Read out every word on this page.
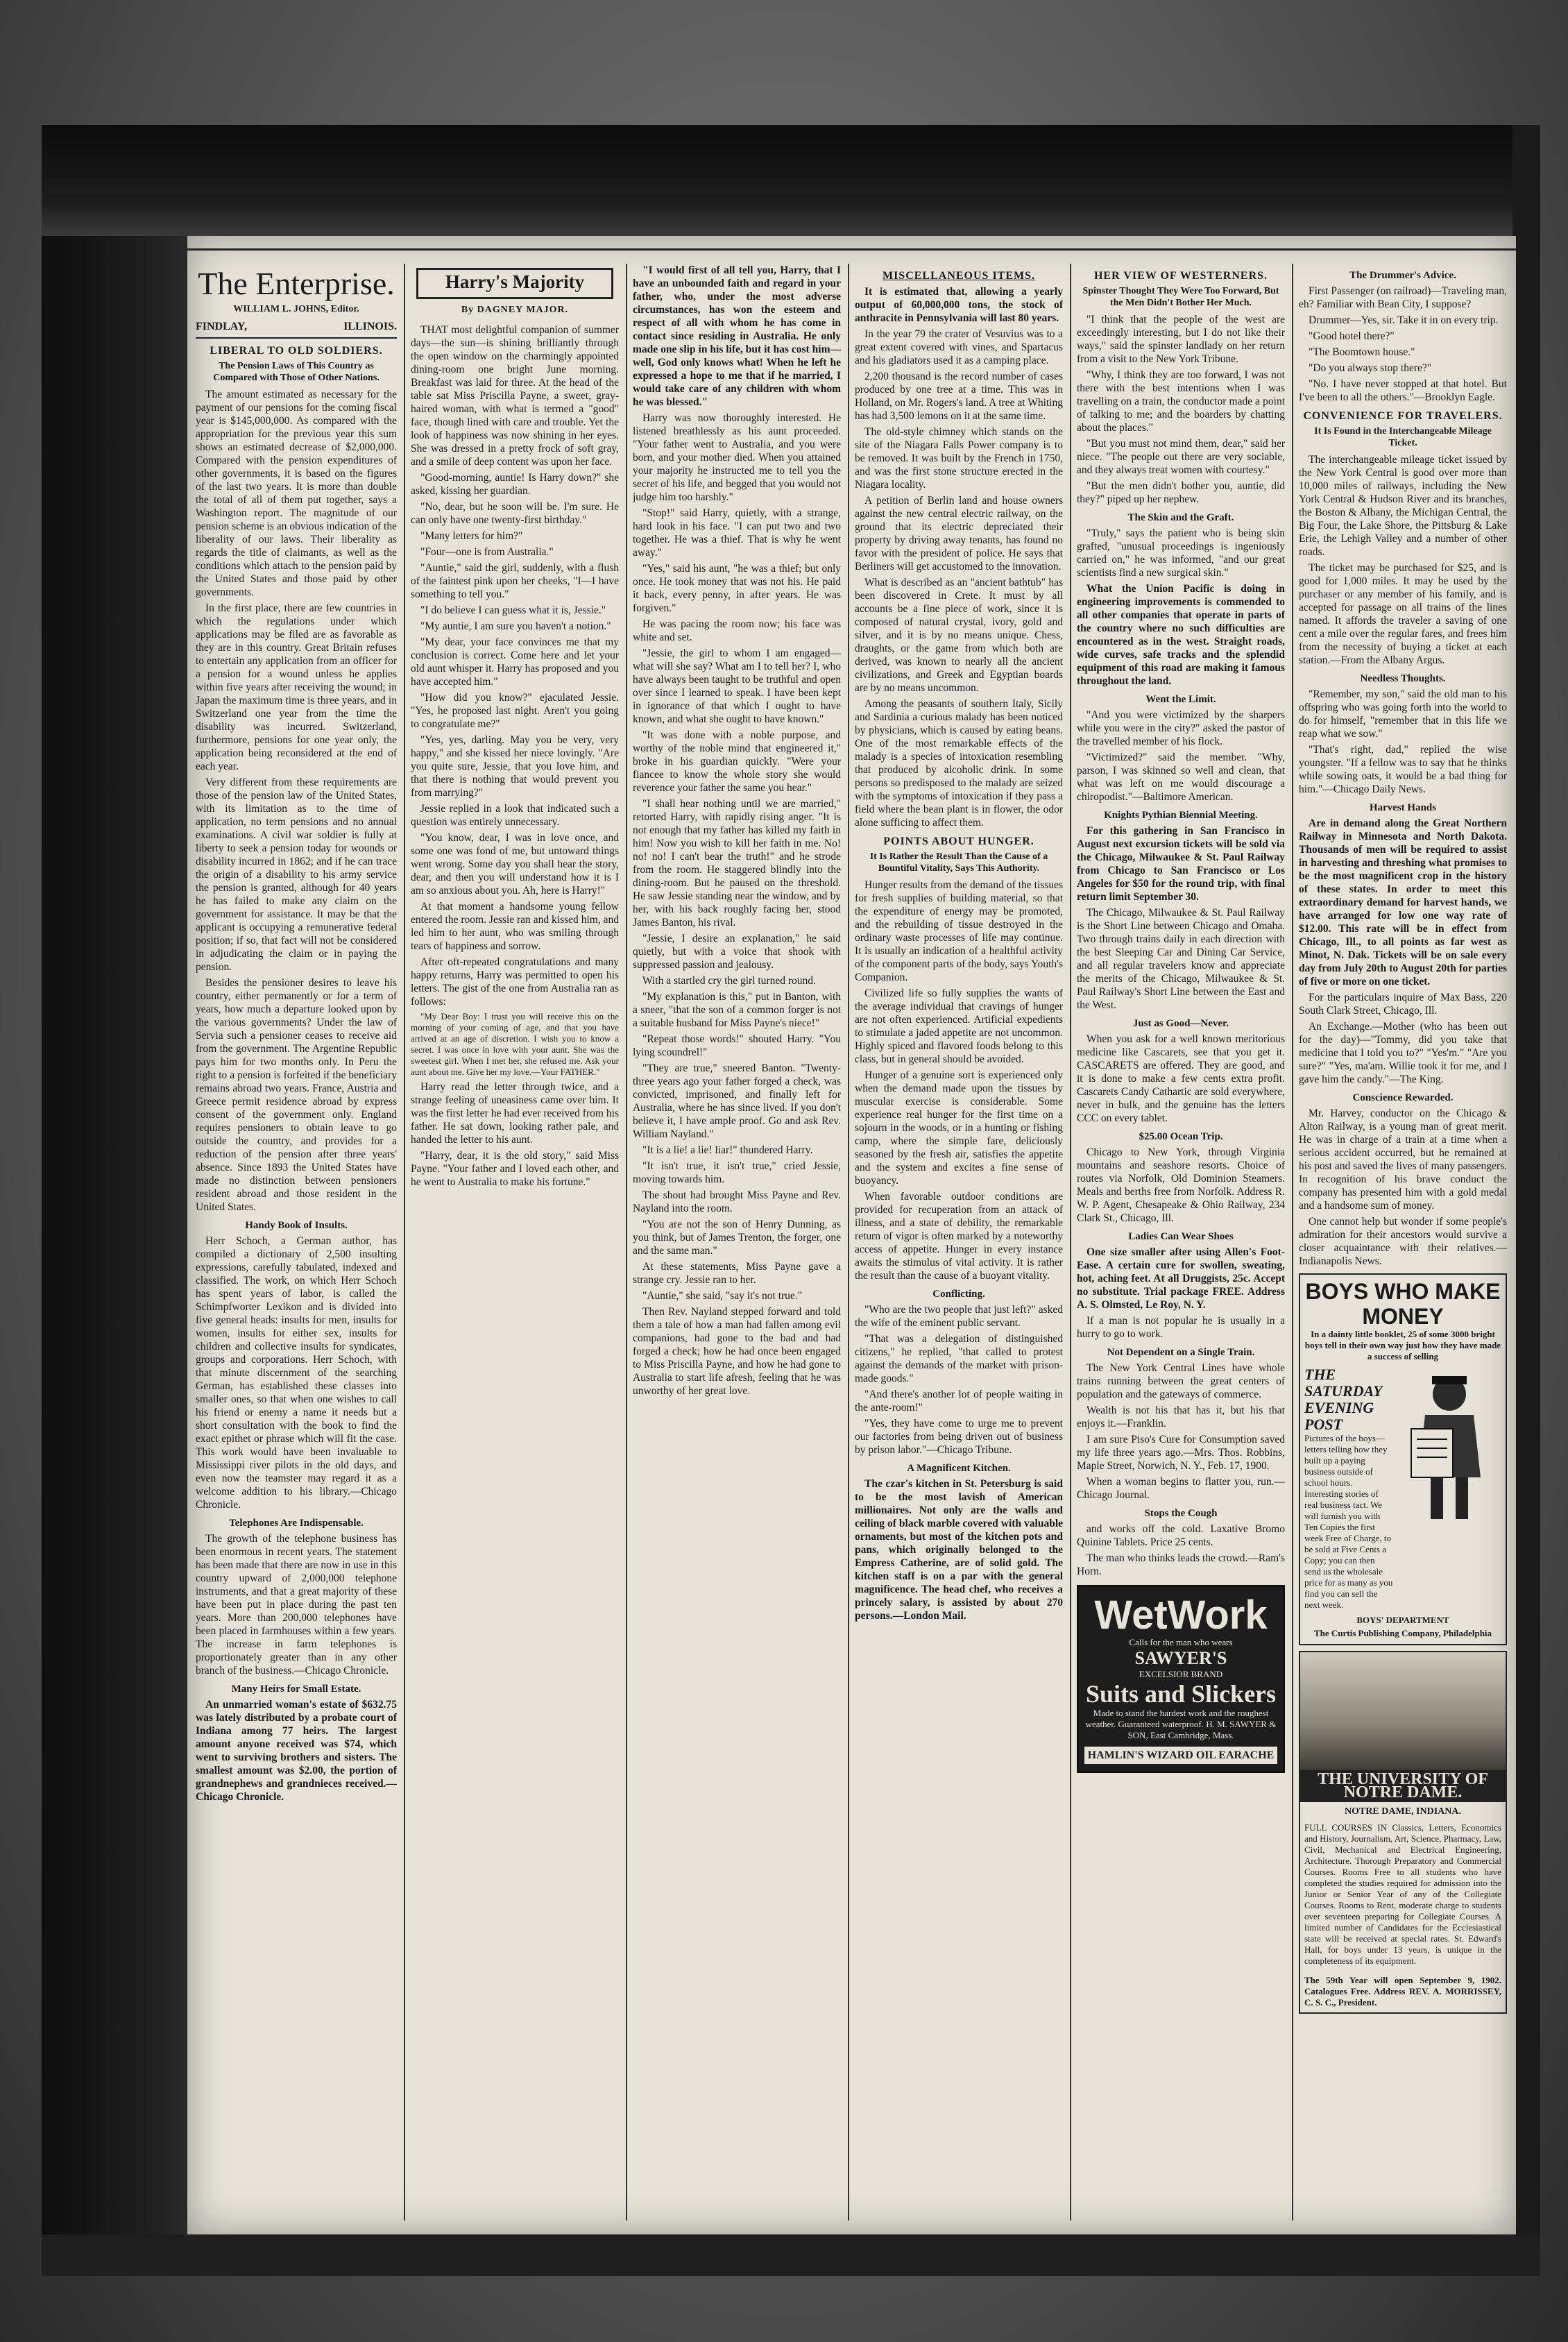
The Enterprise.
WILLIAM L. JOHNS, Editor.
FINDLAY,	ILLINOIS.
LIBERAL TO OLD SOLDIERS.
The Pension Laws of This Country as Compared with Those of Other Nations.

The amount estimated as necessary for the payment of our pensions for the coming fiscal year is $145,000,000. As compared with the appropriation for the previous year this sum shows an estimated decrease of $2,000,000. Compared with the pension expenditures of other governments, it is based on the figures of the last two years. It is more than double the total of all of them put together, says a Washington report. The magnitude of our pension scheme is an obvious indication of the liberality of our laws. Their liberality as regards the title of claimants, as well as the conditions which attach to the pension paid by the United States and those paid by other governments.

In the first place, there are few countries in which the regulations under which applications may be filed are as favorable as they are in this country. Great Britain refuses to entertain any application from an officer for a pension for a wound unless he applies within five years after receiving the wound; in Japan the maximum time is three years, and in Switzerland one year from the time the disability was incurred. Switzerland, furthermore, pensions for one year only, the application being reconsidered at the end of each year.

Very different from these requirements are those of the pension law of the United States, with its limitation as to the time of application, no term pensions and no annual examinations. A civil war soldier is fully at liberty to seek a pension today for wounds or disability incurred in 1862; and if he can trace the origin of a disability to his army service the pension is granted, although for 40 years he has failed to make any claim on the government for assistance. It may be that the applicant is occupying a remunerative federal position; if so, that fact will not be considered in adjudicating the claim or in paying the pension.

Besides the pensioner desires to leave his country, either permanently or for a term of years, how much a departure looked upon by the various governments? Under the law of Servia such a pensioner ceases to receive aid from the government. The Argentine Republic pays him for two months only. In Peru the right to a pension is forfeited if the beneficiary remains abroad two years. France, Austria and Greece permit residence abroad by express consent of the government only. England requires pensioners to obtain leave to go outside the country, and provides for a reduction of the pension after three years' absence. Since 1893 the United States have made no distinction between pensioners resident abroad and those resident in the United States.

Handy Book of Insults.

Herr Schoch, a German author, has compiled a dictionary of 2,500 insulting expressions, carefully tabulated, indexed and classified. The work, on which Herr Schoch has spent years of labor, is called the Schimpfworter Lexikon and is divided into five general heads: insults for men, insults for women, insults for either sex, insults for children and collective insults for syndicates, groups and corporations. Herr Schoch, with that minute discernment of the searching German, has established these classes into smaller ones, so that when one wishes to call his friend or enemy a name it needs but a short consultation with the book to find the exact epithet or phrase which will fit the case. This work would have been invaluable to Mississippi river pilots in the old days, and even now the teamster may regard it as a welcome addition to his library.—Chicago Chronicle.

Telephones Are Indispensable.

The growth of the telephone business has been enormous in recent years. The statement has been made that there are now in use in this country upward of 2,000,000 telephone instruments, and that a great majority of these have been put in place during the past ten years. More than 200,000 telephones have been placed in farmhouses within a few years. The increase in farm telephones is proportionately greater than in any other branch of the business.—Chicago Chronicle.

Many Heirs for Small Estate.

An unmarried woman's estate of $632.75 was lately distributed by a probate court of Indiana among 77 heirs. The largest amount anyone received was $74, which went to surviving brothers and sisters. The smallest amount was $2.00, the portion of grandnephews and grandnieces received.—Chicago Chronicle.

Harry's Majority
By DAGNEY MAJOR.

THAT most delightful companion of summer days—the sun—is shining brilliantly through the open window on the charmingly appointed dining-room one bright June morning. Breakfast was laid for three. At the head of the table sat Miss Priscilla Payne, a sweet, gray-haired woman, with what is termed a "good" face, though lined with care and trouble. Yet the look of happiness was now shining in her eyes. She was dressed in a pretty frock of soft gray, and a smile of deep content was upon her face.

"Good-morning, auntie! Is Harry down?" she asked, kissing her guardian.

"No, dear, but he soon will be. I'm sure. He can only have one twenty-first birthday."

"Many letters for him?"

"Four—one is from Australia."

"Auntie," said the girl, suddenly, with a flush of the faintest pink upon her cheeks, "I—I have something to tell you."

"I do believe I can guess what it is, Jessie."

"My auntie, I am sure you haven't a notion."

"My dear, your face convinces me that my conclusion is correct. Come here and let your old aunt whisper it. Harry has proposed and you have accepted him."

"How did you know?" ejaculated Jessie. "Yes, he proposed last night. Aren't you going to congratulate me?"

"Yes, yes, darling. May you be very, very happy," and she kissed her niece lovingly. "Are you quite sure, Jessie, that you love him, and that there is nothing that would prevent you from marrying?"

Jessie replied in a look that indicated such a question was entirely unnecessary.

"You know, dear, I was in love once, and some one was fond of me, but untoward things went wrong. Some day you shall hear the story, dear, and then you will understand how it is I am so anxious about you. Ah, here is Harry!"

At that moment a handsome young fellow entered the room. Jessie ran and kissed him, and led him to her aunt, who was smiling through tears of happiness and sorrow.

After oft-repeated congratulations and many happy returns, Harry was permitted to open his letters. The gist of the one from Australia ran as follows:

"My Dear Boy: I trust you will receive this on the morning of your coming of age, and that you have arrived at an age of discretion. I wish you to know a secret. I was once in love with your aunt. She was the sweetest girl. When I met her, she refused me. Ask your aunt about me. Give her my love.—Your FATHER."

Harry read the letter through twice, and a strange feeling of uneasiness came over him. It was the first letter he had ever received from his father. He sat down, looking rather pale, and handed the letter to his aunt.

"Harry, dear, it is the old story," said Miss Payne. "Your father and I loved each other, and he went to Australia to make his fortune."

"I would first of all tell you, Harry, that I have an unbounded faith and regard in your father, who, under the most adverse circumstances, has won the esteem and respect of all with whom he has come in contact since residing in Australia. He only made one slip in his life, but it has cost him—well, God only knows what! When he left he expressed a hope to me that if he married, I would take care of any children with whom he was blessed."

Harry was now thoroughly interested. He listened breathlessly as his aunt proceeded. "Your father went to Australia, and you were born, and your mother died. When you attained your majority he instructed me to tell you the secret of his life, and begged that you would not judge him too harshly."

"Stop!" said Harry, quietly, with a strange, hard look in his face. "I can put two and two together. He was a thief. That is why he went away."

"Yes," said his aunt, "he was a thief; but only once. He took money that was not his. He paid it back, every penny, in after years. He was forgiven."

He was pacing the room now; his face was white and set.

"Jessie, the girl to whom I am engaged—what will she say? What am I to tell her? I, who have always been taught to be truthful and open over since I learned to speak. I have been kept in ignorance of that which I ought to have known, and what she ought to have known."

"It was done with a noble purpose, and worthy of the noble mind that engineered it," broke in his guardian quickly. "Were your fiancee to know the whole story she would reverence your father the same you hear."

"I shall hear nothing until we are married," retorted Harry, with rapidly rising anger. "It is not enough that my father has killed my faith in him! Now you wish to kill her faith in me. No! no! no! I can't bear the truth!" and he strode from the room. He staggered blindly into the dining-room. But he paused on the threshold. He saw Jessie standing near the window, and by her, with his back roughly facing her, stood James Banton, his rival.

"Jessie, I desire an explanation," he said quietly, but with a voice that shook with suppressed passion and jealousy.

With a startled cry the girl turned round.

"My explanation is this," put in Banton, with a sneer, "that the son of a common forger is not a suitable husband for Miss Payne's niece!"

"Repeat those words!" shouted Harry. "You lying scoundrel!"

"They are true," sneered Banton. "Twenty-three years ago your father forged a check, was convicted, imprisoned, and finally left for Australia, where he has since lived. If you don't believe it, I have ample proof. Go and ask Rev. William Nayland."

"It is a lie! a lie! liar!" thundered Harry.

"It isn't true, it isn't true," cried Jessie, moving towards him.

The shout had brought Miss Payne and Rev. Nayland into the room.

"You are not the son of Henry Dunning, as you think, but of James Trenton, the forger, one and the same man."

At these statements, Miss Payne gave a strange cry. Jessie ran to her.

"Auntie," she said, "say it's not true."

Then Rev. Nayland stepped forward and told them a tale of how a man had fallen among evil companions, had gone to the bad and had forged a check; how he had once been engaged to Miss Priscilla Payne, and how he had gone to Australia to start life afresh, feeling that he was unworthy of her great love.

MISCELLANEOUS ITEMS.

It is estimated that, allowing a yearly output of 60,000,000 tons, the stock of anthracite in Pennsylvania will last 80 years.

In the year 79 the crater of Vesuvius was to a great extent covered with vines, and Spartacus and his gladiators used it as a camping place.

2,200 thousand is the record number of cases produced by one tree at a time. This was in Holland, on Mr. Rogers's land. A tree at Whiting has had 3,500 lemons on it at the same time.

The old-style chimney which stands on the site of the Niagara Falls Power company is to be removed. It was built by the French in 1750, and was the first stone structure erected in the Niagara locality.

A petition of Berlin land and house owners against the new central electric railway, on the ground that its electric depreciated their property by driving away tenants, has found no favor with the president of police. He says that Berliners will get accustomed to the innovation.

What is described as an "ancient bathtub" has been discovered in Crete. It must by all accounts be a fine piece of work, since it is composed of natural crystal, ivory, gold and silver, and it is by no means unique. Chess, draughts, or the game from which both are derived, was known to nearly all the ancient civilizations, and Greek and Egyptian boards are by no means uncommon.

Among the peasants of southern Italy, Sicily and Sardinia a curious malady has been noticed by physicians, which is caused by eating beans. One of the most remarkable effects of the malady is a species of intoxication resembling that produced by alcoholic drink. In some persons so predisposed to the malady are seized with the symptoms of intoxication if they pass a field where the bean plant is in flower, the odor alone sufficing to affect them.

POINTS ABOUT HUNGER.
It Is Rather the Result Than the Cause of a Bountiful Vitality, Says This Authority.

Hunger results from the demand of the tissues for fresh supplies of building material, so that the expenditure of energy may be promoted, and the rebuilding of tissue destroyed in the ordinary waste processes of life may continue. It is usually an indication of a healthful activity of the component parts of the body, says Youth's Companion.

Civilized life so fully supplies the wants of the average individual that cravings of hunger are not often experienced. Artificial expedients to stimulate a jaded appetite are not uncommon. Highly spiced and flavored foods belong to this class, but in general should be avoided.

Hunger of a genuine sort is experienced only when the demand made upon the tissues by muscular exercise is considerable. Some experience real hunger for the first time on a sojourn in the woods, or in a hunting or fishing camp, where the simple fare, deliciously seasoned by the fresh air, satisfies the appetite and the system and excites a fine sense of buoyancy.

When favorable outdoor conditions are provided for recuperation from an attack of illness, and a state of debility, the remarkable return of vigor is often marked by a noteworthy access of appetite. Hunger in every instance awaits the stimulus of vital activity. It is rather the result than the cause of a buoyant vitality.

Conflicting.

"Who are the two people that just left?" asked the wife of the eminent public servant.

"That was a delegation of distinguished citizens," he replied, "that called to protest against the demands of the market with prison-made goods."

"And there's another lot of people waiting in the ante-room!"

"Yes, they have come to urge me to prevent our factories from being driven out of business by prison labor."—Chicago Tribune.

A Magnificent Kitchen.

The czar's kitchen in St. Petersburg is said to be the most lavish of American millionaires. Not only are the walls and ceiling of black marble covered with valuable ornaments, but most of the kitchen pots and pans, which originally belonged to the Empress Catherine, are of solid gold. The kitchen staff is on a par with the general magnificence. The head chef, who receives a princely salary, is assisted by about 270 persons.—London Mail.

HER VIEW OF WESTERNERS.
Spinster Thought They Were Too Forward, But the Men Didn't Bother Her Much.

"I think that the people of the west are exceedingly interesting, but I do not like their ways," said the spinster landlady on her return from a visit to the New York Tribune.

"Why, I think they are too forward, I was not there with the best intentions when I was travelling on a train, the conductor made a point of talking to me; and the boarders by chatting about the places."

"But you must not mind them, dear," said her niece. "The people out there are very sociable, and they always treat women with courtesy."

"But the men didn't bother you, auntie, did they?" piped up her nephew.

The Skin and the Graft.

"Truly," says the patient who is being skin grafted, "unusual proceedings is ingeniously carried on," he was informed, "and our great scientists find a new surgical skin."

What the Union Pacific is doing in engineering improvements is commended to all other companies that operate in parts of the country where no such difficulties are encountered as in the west. Straight roads, wide curves, safe tracks and the splendid equipment of this road are making it famous throughout the land.

Went the Limit.

"And you were victimized by the sharpers while you were in the city?" asked the pastor of the travelled member of his flock.

"Victimized?" said the member. "Why, parson, I was skinned so well and clean, that what was left on me would discourage a chiropodist."—Baltimore American.

Knights Pythian Biennial Meeting.

For this gathering in San Francisco in August next excursion tickets will be sold via the Chicago, Milwaukee & St. Paul Railway from Chicago to San Francisco or Los Angeles for $50 for the round trip, with final return limit September 30.

The Chicago, Milwaukee & St. Paul Railway is the Short Line between Chicago and Omaha. Two through trains daily in each direction with the best Sleeping Car and Dining Car Service, and all regular travelers know and appreciate the merits of the Chicago, Milwaukee & St. Paul Railway's Short Line between the East and the West.

Just as Good—Never.

When you ask for a well known meritorious medicine like Cascarets, see that you get it. CASCARETS are offered. They are good, and it is done to make a few cents extra profit. Cascarets Candy Cathartic are sold everywhere, never in bulk, and the genuine has the letters CCC on every tablet.

$25.00 Ocean Trip.

Chicago to New York, through Virginia mountains and seashore resorts. Choice of routes via Norfolk, Old Dominion Steamers. Meals and berths free from Norfolk. Address R. W. P. Agent, Chesapeake & Ohio Railway, 234 Clark St., Chicago, Ill.

Ladies Can Wear Shoes

One size smaller after using Allen's Foot-Ease. A certain cure for swollen, sweating, hot, aching feet. At all Druggists, 25c. Accept no substitute. Trial package FREE. Address A. S. Olmsted, Le Roy, N. Y.

If a man is not popular he is usually in a hurry to go to work.

Not Dependent on a Single Train.

The New York Central Lines have whole trains running between the great centers of population and the gateways of commerce.

Wealth is not his that has it, but his that enjoys it.—Franklin.

I am sure Piso's Cure for Consumption saved my life three years ago.—Mrs. Thos. Robbins, Maple Street, Norwich, N. Y., Feb. 17, 1900.

When a woman begins to flatter you, run.—Chicago Journal.

Stops the Cough

and works off the cold. Laxative Bromo Quinine Tablets. Price 25 cents.

The man who thinks leads the crowd.—Ram's Horn.

WetWork
Calls for the man who wears
SAWYER'S
EXCELSIOR BRAND
Suits and Slickers
Made to stand the hardest work and the roughest weather. Guaranteed waterproof. H. M. SAWYER & SON, East Cambridge, Mass.
HAMLIN'S WIZARD OIL EARACHE
The Drummer's Advice.

First Passenger (on railroad)—Traveling man, eh? Familiar with Bean City, I suppose?

Drummer—Yes, sir. Take it in on every trip.

"Good hotel there?"

"The Boomtown house."

"Do you always stop there?"

"No. I have never stopped at that hotel. But I've been to all the others."—Brooklyn Eagle.

CONVENIENCE FOR TRAVELERS.
It Is Found in the Interchangeable Mileage Ticket.

The interchangeable mileage ticket issued by the New York Central is good over more than 10,000 miles of railways, including the New York Central & Hudson River and its branches, the Boston & Albany, the Michigan Central, the Big Four, the Lake Shore, the Pittsburg & Lake Erie, the Lehigh Valley and a number of other roads.

The ticket may be purchased for $25, and is good for 1,000 miles. It may be used by the purchaser or any member of his family, and is accepted for passage on all trains of the lines named. It affords the traveler a saving of one cent a mile over the regular fares, and frees him from the necessity of buying a ticket at each station.—From the Albany Argus.

Needless Thoughts.

"Remember, my son," said the old man to his offspring who was going forth into the world to do for himself, "remember that in this life we reap what we sow."

"That's right, dad," replied the wise youngster. "If a fellow was to say that he thinks while sowing oats, it would be a bad thing for him."—Chicago Daily News.

Harvest Hands

Are in demand along the Great Northern Railway in Minnesota and North Dakota. Thousands of men will be required to assist in harvesting and threshing what promises to be the most magnificent crop in the history of these states. In order to meet this extraordinary demand for harvest hands, we have arranged for low one way rate of $12.00. This rate will be in effect from Chicago, Ill., to all points as far west as Minot, N. Dak. Tickets will be on sale every day from July 20th to August 20th for parties of five or more on one ticket.

For the particulars inquire of Max Bass, 220 South Clark Street, Chicago, Ill.

An Exchange.—Mother (who has been out for the day)—"Tommy, did you take that medicine that I told you to?" "Yes'm." "Are you sure?" "Yes, ma'am. Willie took it for me, and I gave him the candy."—The King.

Conscience Rewarded.

Mr. Harvey, conductor on the Chicago & Alton Railway, is a young man of great merit. He was in charge of a train at a time when a serious accident occurred, but he remained at his post and saved the lives of many passengers. In recognition of his brave conduct the company has presented him with a gold medal and a handsome sum of money.

One cannot help but wonder if some people's admiration for their ancestors would survive a closer acquaintance with their relatives.—Indianapolis News.

BOYS WHO MAKE MONEY
In a dainty little booklet, 25 of some 3000 bright boys tell in their own way just how they have made a success of selling
THE SATURDAY
EVENING POST
Pictures of the boys—letters telling how they built up a paying business outside of school hours. Interesting stories of real business tact. We will furnish you with Ten Copies the first week Free of Charge, to be sold at Five Cents a Copy; you can then send us the wholesale price for as many as you find you can sell the next week.
BOYS' DEPARTMENT
The Curtis Publishing Company, Philadelphia
THE UNIVERSITY OF NOTRE DAME.
NOTRE DAME, INDIANA.
FULL COURSES IN Classics, Letters, Economics and History, Journalism, Art, Science, Pharmacy, Law, Civil, Mechanical and Electrical Engineering, Architecture. Thorough Preparatory and Commercial Courses. Rooms Free to all students who have completed the studies required for admission into the Junior or Senior Year of any of the Collegiate Courses. Rooms to Rent, moderate charge to students over seventeen preparing for Collegiate Courses. A limited number of Candidates for the Ecclesiastical state will be received at special rates. St. Edward's Hall, for boys under 13 years, is unique in the completeness of its equipment.
The 59th Year will open September 9, 1902. Catalogues Free. Address REV. A. MORRISSEY, C. S. C., President.
